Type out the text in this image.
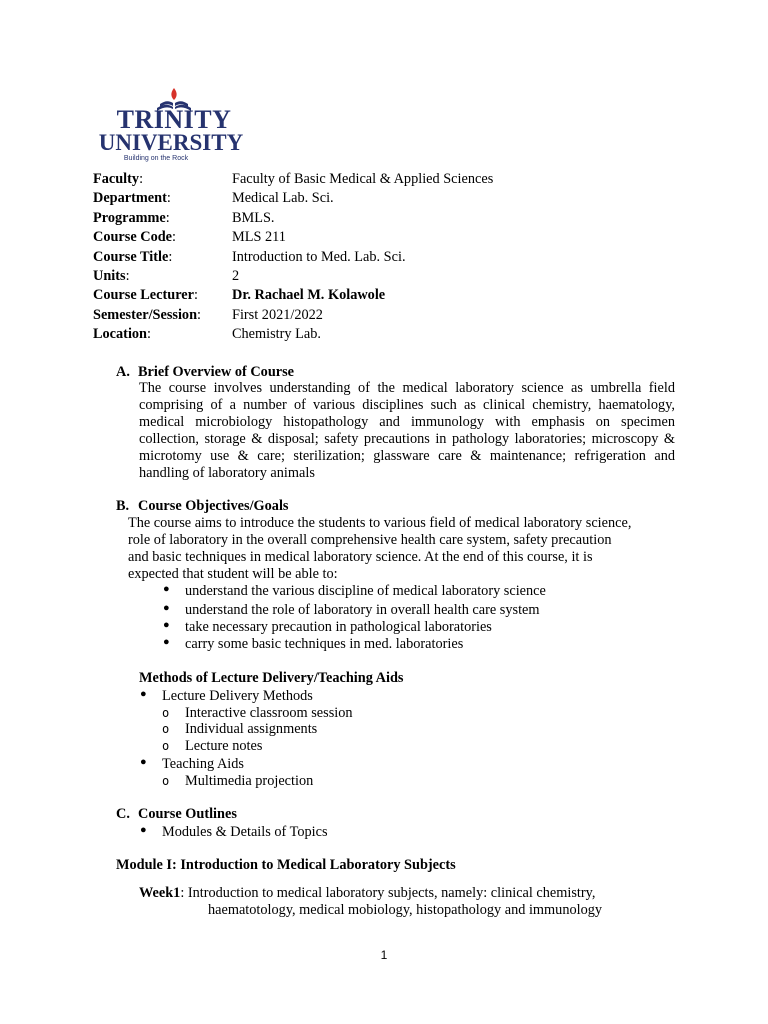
TRINITY
UNIVERSITY
Building on the Rock
Faculty:	Faculty of Basic Medical & Applied Sciences
Department:	Medical Lab. Sci.
Programme:	BMLS.
Course Code:	MLS 211
Course Title:	Introduction to Med. Lab. Sci.
Units:	2
Course Lecturer: Dr. Rachael M. Kolawole
Semester/Session: First 2021/2022
Location:	Chemistry Lab.
A. Brief Overview of Course
The course involves understanding of the medical laboratory science as umbrella field comprising of a number of various disciplines such as clinical chemistry, haematology, medical microbiology histopathology and immunology with emphasis on specimen collection, storage & disposal; safety precautions in pathology laboratories; microscopy & microtomy use & care; sterilization; glassware care & maintenance; refrigeration and handling of laboratory animals
B. Course Objectives/Goals
The course aims to introduce the students to various field of medical laboratory science,
role of laboratory in the overall comprehensive health care system, safety precaution
and basic techniques in medical laboratory science. At the end of this course, it is
expected that student will be able to:
● understand the various discipline of medical laboratory science
● understand the role of laboratory in overall health care system
● take necessary precaution in pathological laboratories
● carry some basic techniques in med. laboratories
Methods of Lecture Delivery/Teaching Aids
● Lecture Delivery Methods
o Interactive classroom session
o Individual assignments
o Lecture notes
● Teaching Aids
o Multimedia projection
C. Course Outlines
● Modules & Details of Topics
Module I: Introduction to Medical Laboratory Subjects
Week1: Introduction to medical laboratory subjects, namely: clinical chemistry,
haematotology, medical mobiology, histopathology and immunology
1
